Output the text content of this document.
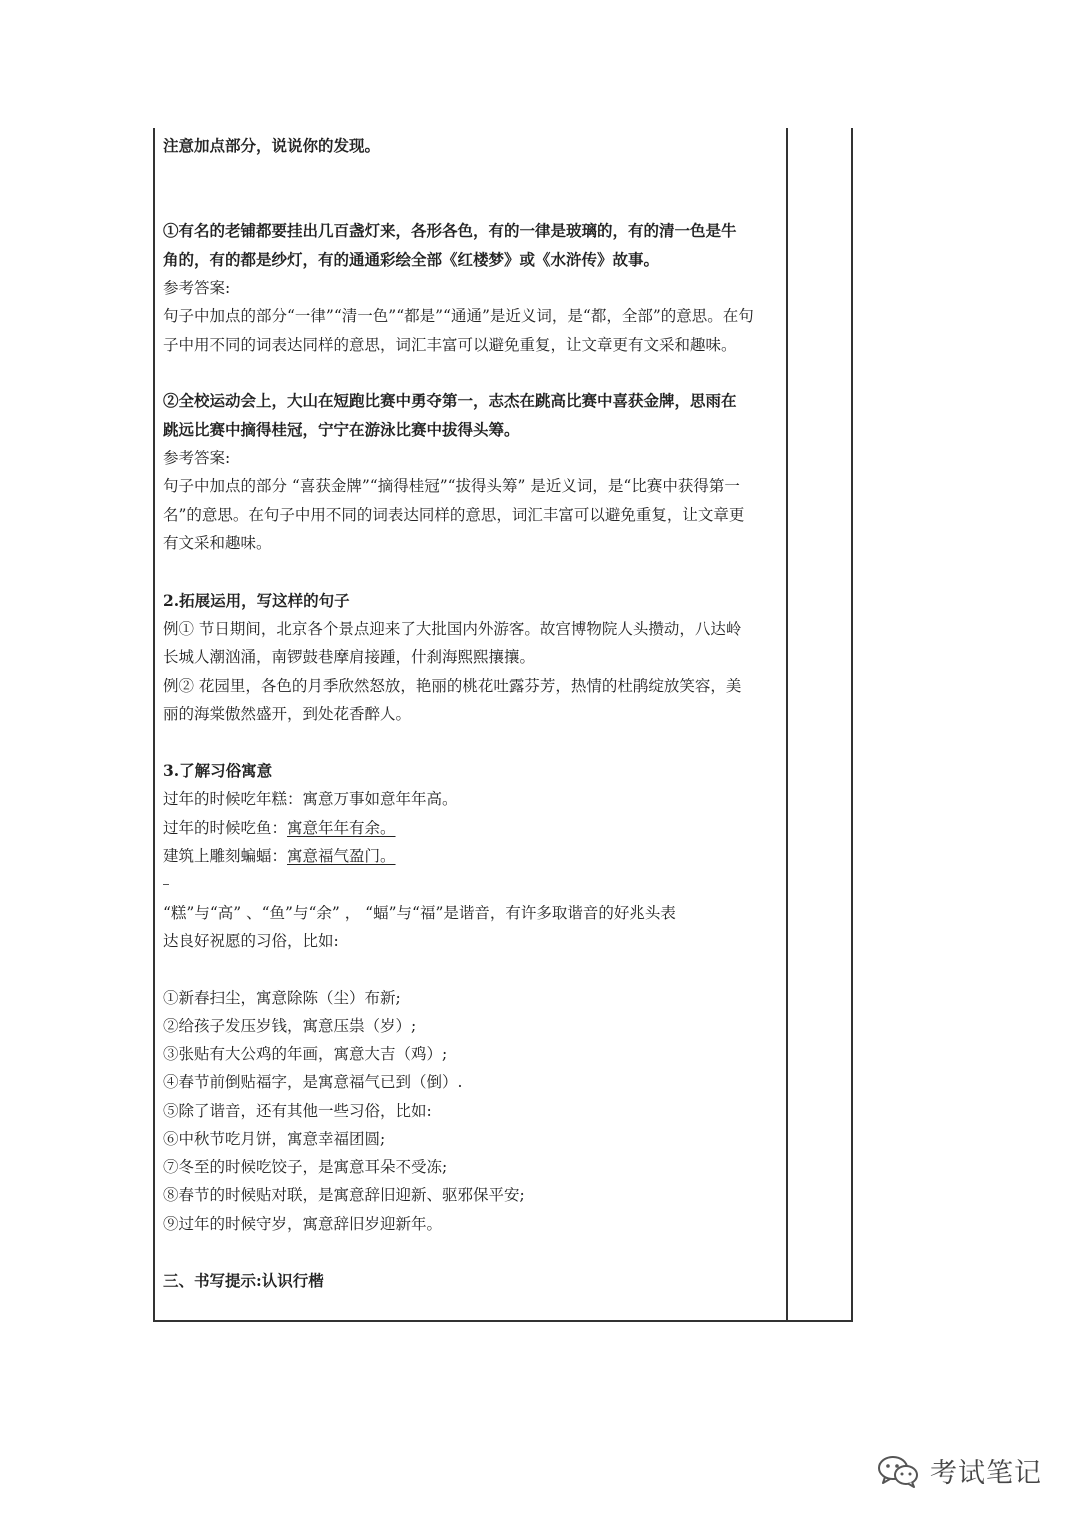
注意加点部分，说说你的发现。
①有名的老铺都要挂出几百盏灯来，各形各色，有的一律是玻璃的，有的清一色是牛
角的，有的都是纱灯，有的通通彩绘全部《红楼梦》或《水浒传》故事。
参考答案:
句子中加点的部分“一律”“清一色”“都是”“通通”是近义词，是“都，全部”的意思。在句
子中用不同的词表达同样的意思，词汇丰富可以避免重复，让文章更有文采和趣味。
②全校运动会上，大山在短跑比赛中勇夺第一，志杰在跳高比赛中喜获金牌，思雨在
跳远比赛中摘得桂冠，宁宁在游泳比赛中拔得头筹。
参考答案:
句子中加点的部分 “喜获金牌”“摘得桂冠”“拔得头筹” 是近义词，是“比赛中获得第一
名”的意思。在句子中用不同的词表达同样的意思，词汇丰富可以避免重复，让文章更
有文采和趣味。
2.拓展运用，写这样的句子
例① 节日期间，北京各个景点迎来了大批国内外游客。故宫博物院人头攒动，八达岭
长城人潮汹涌，南锣鼓巷摩肩接踵，什刹海熙熙攘攘。
例② 花园里，各色的月季欣然怒放，艳丽的桃花吐露芬芳，热情的杜鹃绽放笑容，美
丽的海棠傲然盛开，到处花香醉人。
3.了解习俗寓意
过年的时候吃年糕：寓意万事如意年年高。
过年的时候吃鱼：寓意年年有余。
建筑上雕刻蝙蝠：寓意福气盈门。
“糕”与“高” 、“鱼”与“余” ， “蝠”与“福”是谐音，有许多取谐音的好兆头表
达良好祝愿的习俗，比如:
①新春扫尘，寓意除陈（尘）布新;
②给孩子发压岁钱，寓意压祟（岁）;
③张贴有大公鸡的年画，寓意大吉（鸡）;
④春节前倒贴福字，是寓意福气已到（倒）.
⑤除了谐音，还有其他一些习俗，比如:
⑥中秋节吃月饼，寓意幸福团圆;
⑦冬至的时候吃饺子，是寓意耳朵不受冻;
⑧春节的时候贴对联，是寓意辞旧迎新、驱邪保平安;
⑨过年的时候守岁，寓意辞旧岁迎新年。
三、书写提示:认识行楷
考试笔记
